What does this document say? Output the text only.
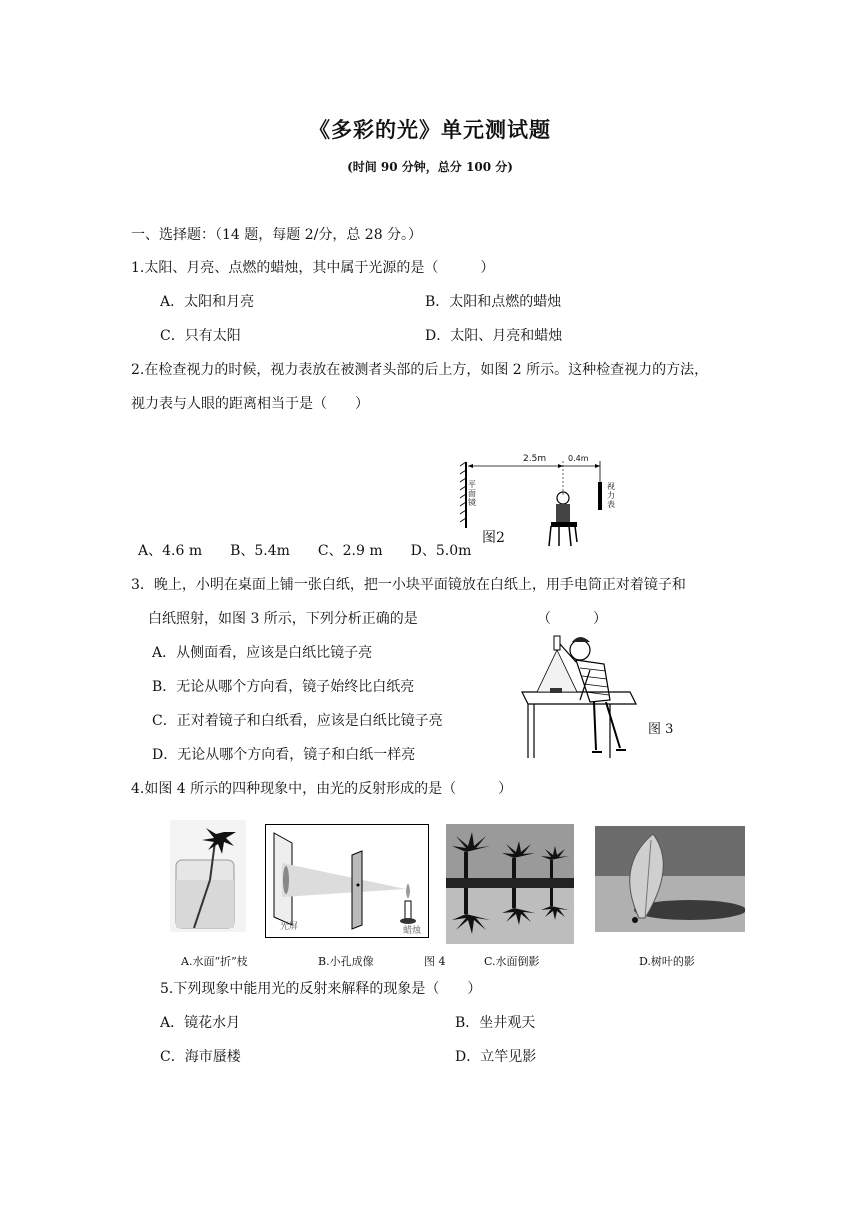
《多彩的光》单元测试题
(时间 90 分钟，总分 100 分)
一、选择题：（14 题，每题 2/分，总 28 分。）
1.太阳、月亮、点燃的蜡烛，其中属于光源的是（　　　）
A．太阳和月亮	B．太阳和点燃的蜡烛
C．只有太阳	D．太阳、月亮和蜡烛
2.在检查视力的时候，视力表放在被测者头部的后上方，如图 2 所示。这种检查视力的方法，
视力表与人眼的距离相当于是（　　）
A、4.6 m　　B、5.4m　　C、2.9 m　　D、5.0m
2.5m	0.4m
平面镜
视力表
图2
3．晚上，小明在桌面上铺一张白纸，把一小块平面镜放在白纸上，用手电筒正对着镜子和
白纸照射，如图 3 所示，下列分析正确的是	（　　　）
A．从侧面看，应该是白纸比镜子亮
B．无论从哪个方向看，镜子始终比白纸亮
C．正对着镜子和白纸看，应该是白纸比镜子亮
D．无论从哪个方向看，镜子和白纸一样亮
图 3
4.如图 4 所示的四种现象中，由光的反射形成的是（　　　）
光屏	蜡烛
A.水面“折”枝	B.小孔成像	图 4	C.水面倒影	D.树叶的影
5.下列现象中能用光的反射来解释的现象是（　　）
A．镜花水月	B．坐井观天
C．海市蜃楼	D．立竿见影
